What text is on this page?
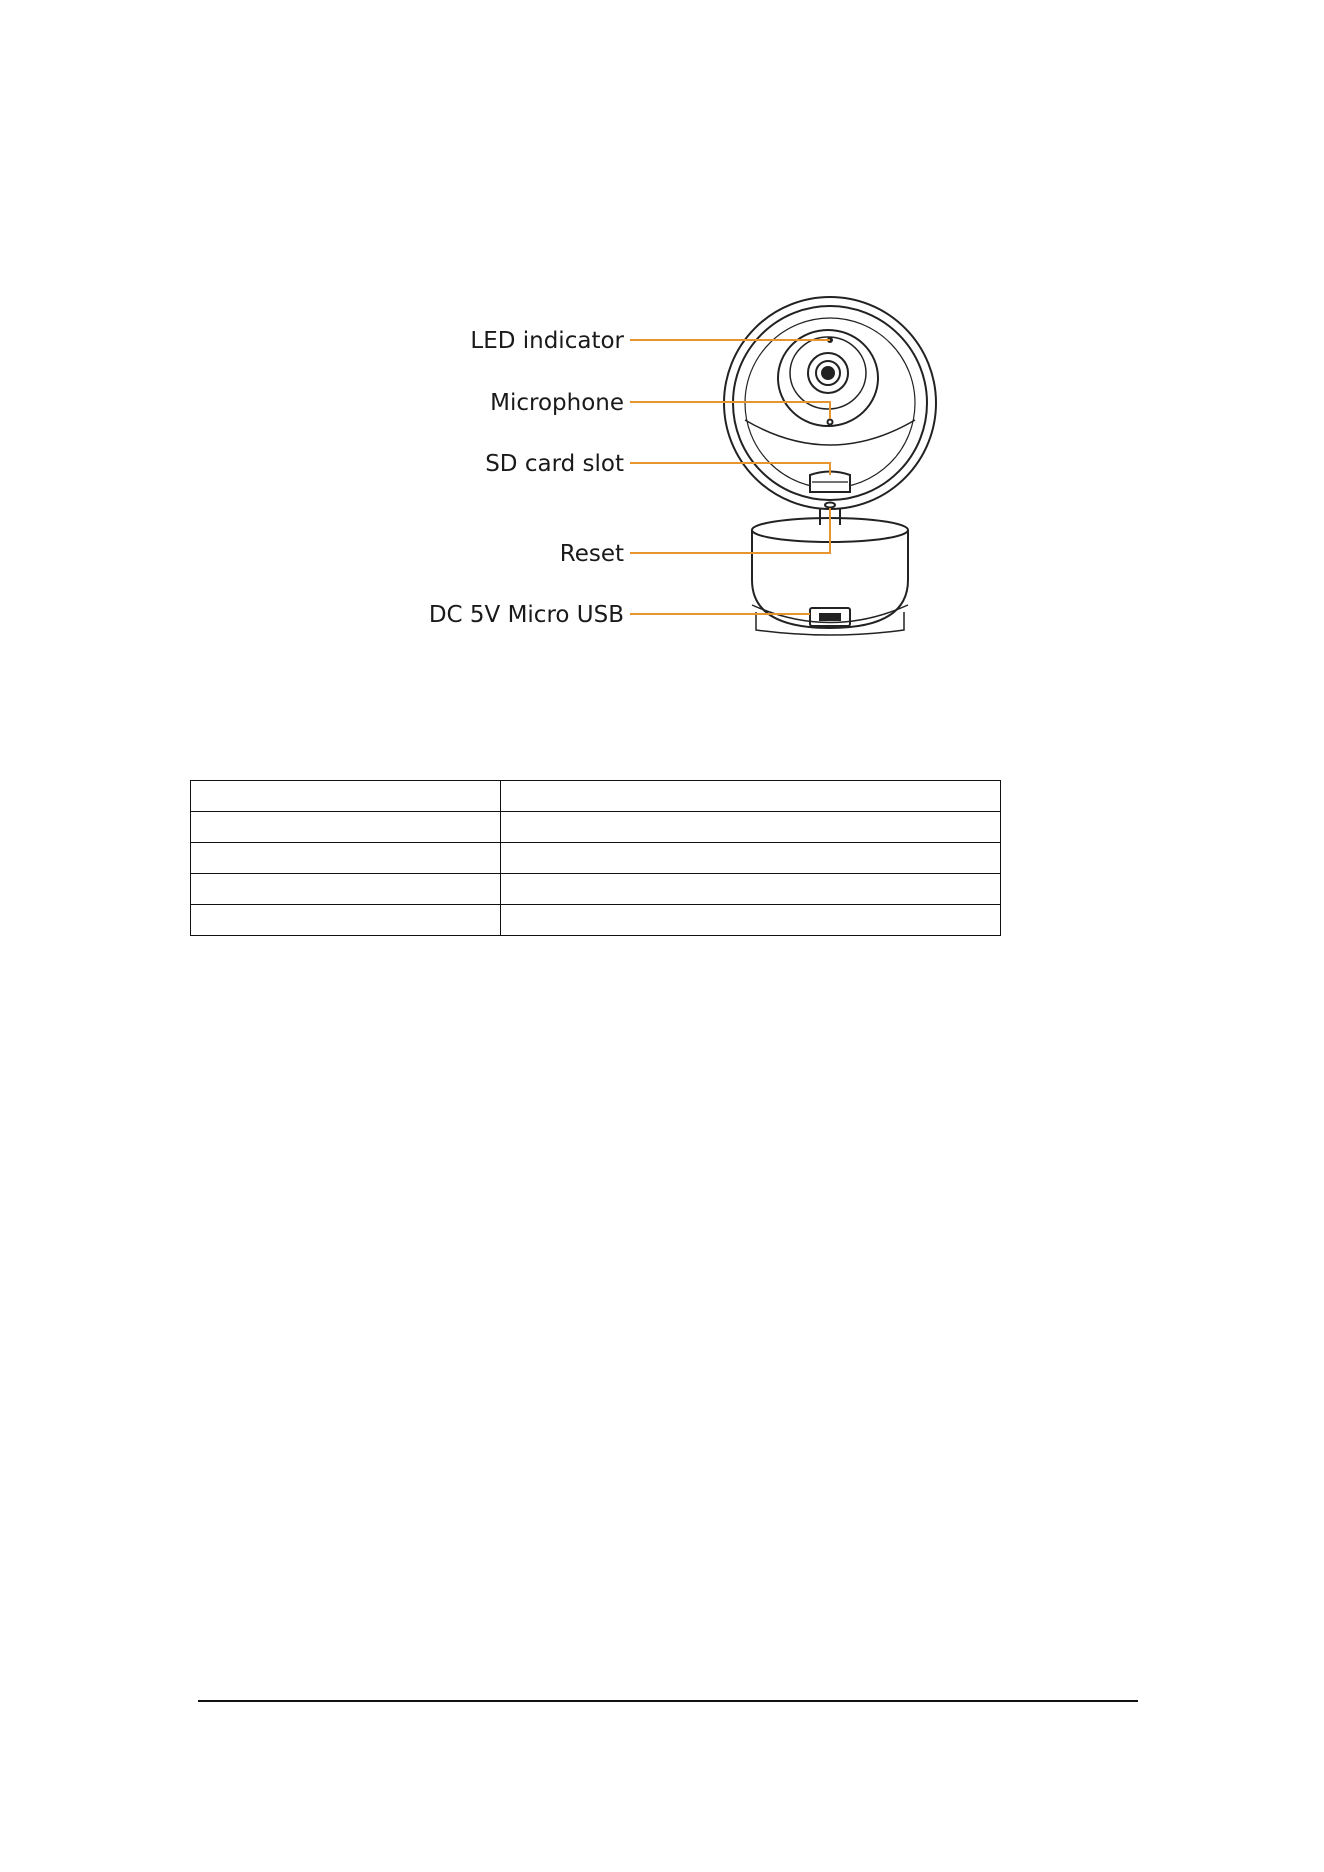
LED indicator
Microphone
SD card slot
Reset
DC 5V Micro USB
